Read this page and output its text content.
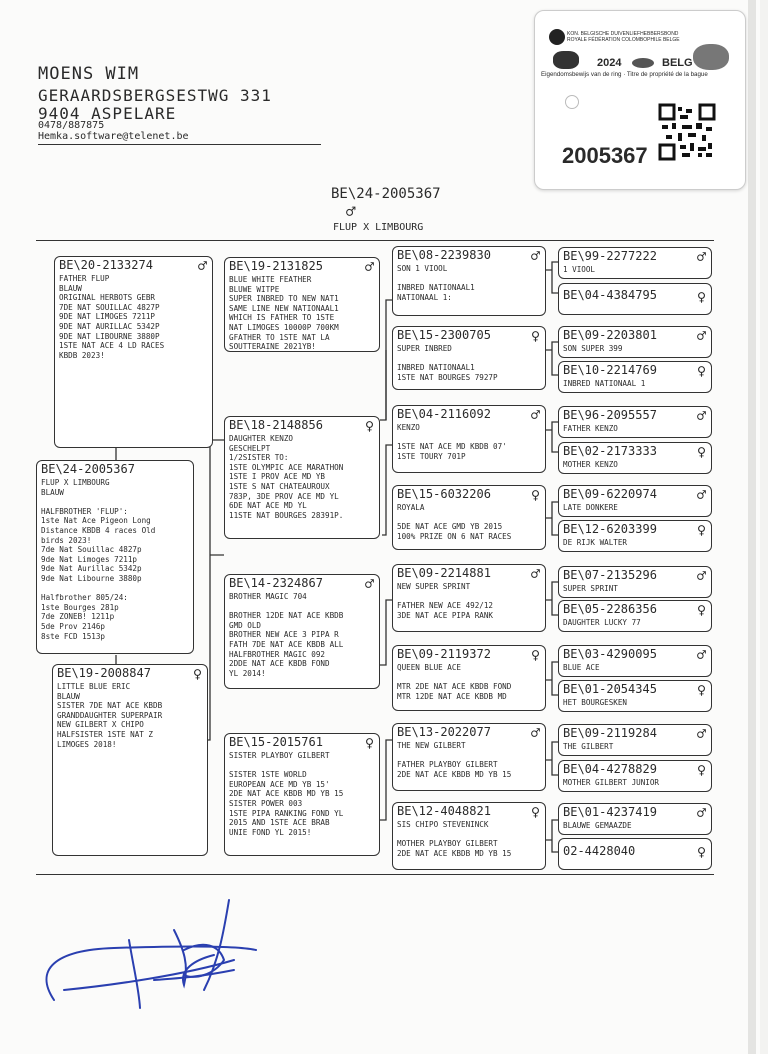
MOENS WIM
GERAARDSBERGSESTWG 331
9404 ASPELARE
0478/887875
Hemka.software@telenet.be
KON. BELGISCHE DUIVENLIEFHEBBERSBOND
ROYALE FÉDÉRATION COLOMBOPHILE BELGE
2024	BELG
Eigendomsbewijs van de ring · Titre de propriété de la bague
2005367
BE\24-2005367
♂
FLUP X LIMBOURG
BE\24-2005367
FLUP X LIMBOURG
BLAUW

HALFBROTHER 'FLUP':
1ste Nat Ace Pigeon Long
Distance KBDB 4 races Old
birds 2023!
7de Nat Souillac 4827p
9de Nat Limoges 7211p
9de Nat Aurillac 5342p
9de Nat Libourne 3880p

Halfbrother 805/24:
1ste Bourges 281p
7de ZONEB! 1211p
5de Prov 2146p
8ste FCD 1513p
BE\20-2133274	♂
FATHER FLUP
BLAUW
ORIGINAL HERBOTS GEBR
7DE NAT SOUILLAC 4827P
9DE NAT LIMOGES 7211P
9DE NAT AURILLAC 5342P
9DE NAT LIBOURNE 3880P
1STE NAT ACE 4 LD RACES
KBDB 2023!
BE\19-2008847	♀
LITTLE BLUE ERIC
BLAUW
SISTER 7DE NAT ACE KBDB
GRANDDAUGHTER SUPERPAIR
NEW GILBERT X CHIPO
HALFSISTER 1STE NAT Z
LIMOGES 2018!
BE\19-2131825	♂
BLUE WHITE FEATHER
BLUWE WITPE
SUPER INBRED TO NEW NAT1
SAME LINE NEW NATIONAAL1
WHICH IS FATHER TO 1STE
NAT LIMOGES 10000P 700KM
GFATHER TO 1STE NAT LA
SOUTTERAINE 2021YB!
BE\18-2148856	♀
DAUGHTER KENZO
GESCHELPT
1/2SISTER TO:
1STE OLYMPIC ACE MARATHON
1STE I PROV ACE MD YB
1STE S NAT CHATEAUROUX
783P, 3DE PROV ACE MD YL
6DE NAT ACE MD YL
11STE NAT BOURGES 28391P.
BE\14-2324867	♂
BROTHER MAGIC 704

BROTHER 12DE NAT ACE KBDB
GMD OLD
BROTHER NEW ACE 3 PIPA R
FATH 7DE NAT ACE KBDB ALL
HALFBROTHER MAGIC 092
2DDE NAT ACE KBDB FOND
YL 2014!
BE\15-2015761	♀
SISTER PLAYBOY GILBERT

SISTER 1STE WORLD
EUROPEAN ACE MD YB 15'
2DE NAT ACE KBDB MD YB 15
SISTER POWER 003
1STE PIPA RANKING FOND YL
2015 AND 1STE ACE BRAB
UNIE FOND YL 2015!
BE\08-2239830	♂
SON 1 VIOOL

INBRED NATIONAAL1
NATIONAAL 1:
BE\15-2300705	♀
SUPER INBRED

INBRED NATIONAAL1
1STE NAT BOURGES 7927P
BE\04-2116092	♂
KENZO

1STE NAT ACE MD KBDB 07'
1STE TOURY 701P
BE\15-6032206	♀
ROYALA

5DE NAT ACE GMD YB 2015
100% PRIZE ON 6 NAT RACES
BE\09-2214881	♂
NEW SUPER SPRINT

FATHER NEW ACE 492/12
3DE NAT ACE PIPA RANK
BE\09-2119372	♀
QUEEN BLUE ACE

MTR 2DE NAT ACE KBDB FOND
MTR 12DE NAT ACE KBDB MD
BE\13-2022077	♂
THE NEW GILBERT

FATHER PLAYBOY GILBERT
2DE NAT ACE KBDB MD YB 15
BE\12-4048821	♀
SIS CHIPO STEVENINCK

MOTHER PLAYBOY GILBERT
2DE NAT ACE KBDB MD YB 15
BE\99-2277222	♂
1 VIOOL
BE\04-4384795	♀
BE\09-2203801	♂
SON SUPER 399
BE\10-2214769	♀
INBRED NATIONAAL 1
BE\96-2095557	♂
FATHER KENZO
BE\02-2173333	♀
MOTHER KENZO
BE\09-6220974	♂
LATE DONKERE
BE\12-6203399	♀
DE RIJK WALTER
BE\07-2135296	♂
SUPER SPRINT
BE\05-2286356	♀
DAUGHTER LUCKY 77
BE\03-4290095	♂
BLUE ACE
BE\01-2054345	♀
HET BOURGESKEN
BE\09-2119284	♂
THE GILBERT
BE\04-4278829	♀
MOTHER GILBERT JUNIOR
BE\01-4237419	♂
BLAUWE GEMAAZDE
02-4428040	♀
